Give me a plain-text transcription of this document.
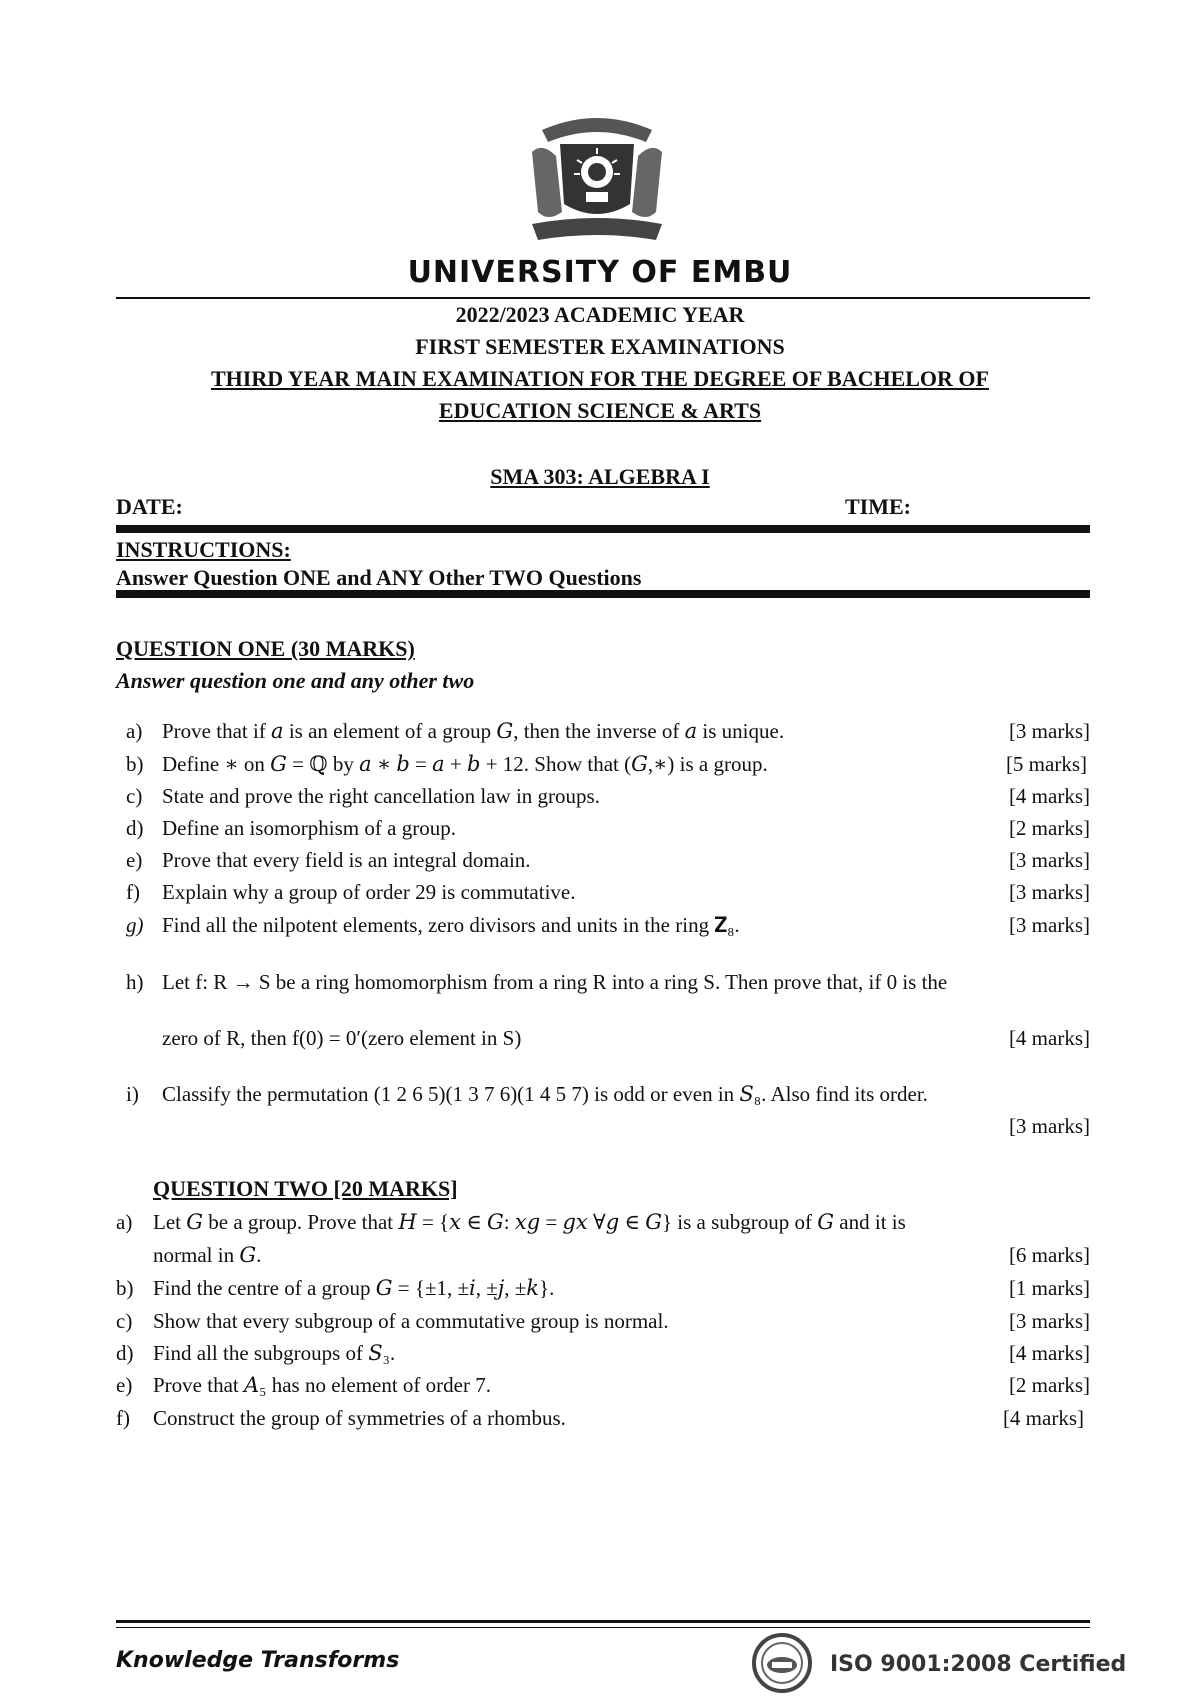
UNIVERSITY OF EMBU
2022/2023 ACADEMIC YEAR
FIRST SEMESTER EXAMINATIONS
THIRD YEAR MAIN EXAMINATION FOR THE DEGREE OF BACHELOR OF
EDUCATION SCIENCE & ARTS
SMA 303: ALGEBRA I
DATE:	TIME:
INSTRUCTIONS:
Answer Question ONE and ANY Other TWO Questions
QUESTION ONE (30 MARKS)
Answer question one and any other two
a) Prove that if 𝑎 is an element of a group 𝐺, then the inverse of 𝑎 is unique.	[3 marks]
b) Define ∗ on 𝐺 = ℚ by 𝑎 ∗ 𝑏 = 𝑎 + 𝑏 + 12. Show that (𝐺,∗) is a group.	[5 marks]
c) State and prove the right cancellation law in groups.	[4 marks]
d) Define an isomorphism of a group.	[2 marks]
e) Prove that every field is an integral domain.	[3 marks]
f) Explain why a group of order 29 is commutative.	[3 marks]
g) Find all the nilpotent elements, zero divisors and units in the ring 𝐙₈.	[3 marks]
h) Let f: R → S be a ring homomorphism from a ring R into a ring S. Then prove that, if 0 is the
zero of R, then f(0) = 0′(zero element in S)	[4 marks]
i) Classify the permutation (1 2 6 5)(1 3 7 6)(1 4 5 7) is odd or even in 𝑆₈. Also find its order.
[3 marks]
QUESTION TWO [20 MARKS]
a) Let 𝐺 be a group. Prove that 𝐻 = {𝑥 ∈ 𝐺: 𝑥𝑔 = 𝑔𝑥 ∀𝑔 ∈ 𝐺} is a subgroup of 𝐺 and it is
normal in 𝐺.	[6 marks]
b) Find the centre of a group 𝐺 = {±1, ±𝑖, ±𝑗, ±𝑘}.	[1 marks]
c) Show that every subgroup of a commutative group is normal.	[3 marks]
d) Find all the subgroups of 𝑆₃.	[4 marks]
e) Prove that 𝐴₅ has no element of order 7.	[2 marks]
f) Construct the group of symmetries of a rhombus.	[4 marks]
Knowledge Transforms	ISO 9001:2008 Certified
